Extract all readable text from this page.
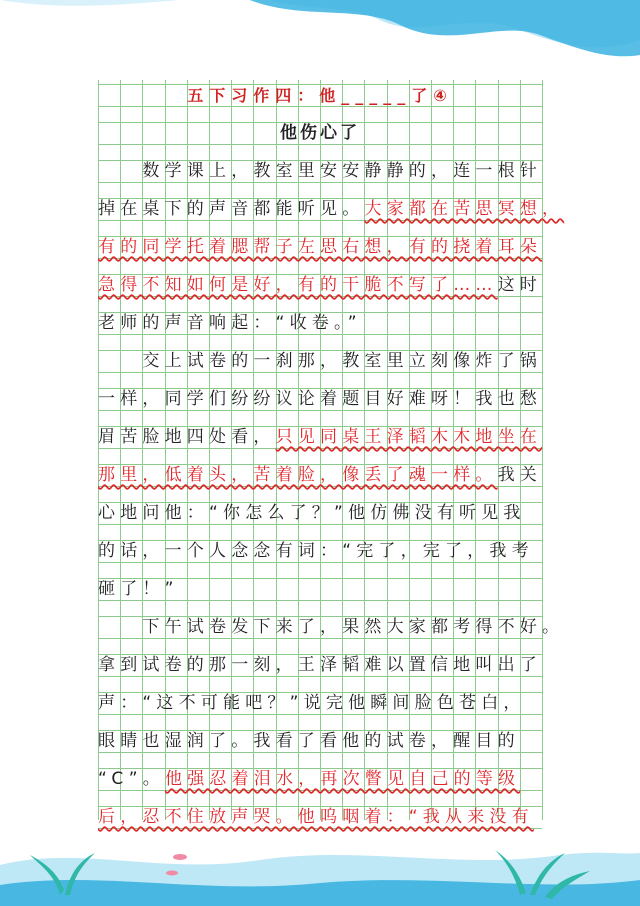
五下习作四：他_____了④
他伤心了
　　数学课上，教室里安安静静的，连一根针
掉在桌下的声音都能听见。大家都在苦思冥想，
有的同学托着腮帮子左思右想，有的挠着耳朵
急得不知如何是好，有的干脆不写了……这时
老师的声音响起：“收卷。”
　　交上试卷的一刹那，教室里立刻像炸了锅
一样，同学们纷纷议论着题目好难呀！我也愁
眉苦脸地四处看，只见同桌王泽韬木木地坐在
那里，低着头，苦着脸，像丢了魂一样。我关
心地问他：“你怎么了？”他仿佛没有听见我
的话，一个人念念有词：“完了，完了，我考
砸了！”
　　下午试卷发下来了，果然大家都考得不好。
拿到试卷的那一刻，王泽韬难以置信地叫出了
声：“这不可能吧？”说完他瞬间脸色苍白，
眼睛也湿润了。我看了看他的试卷，醒目的
“C”。他强忍着泪水，再次瞥见自己的等级
后，忍不住放声哭。他呜咽着：“我从来没有
